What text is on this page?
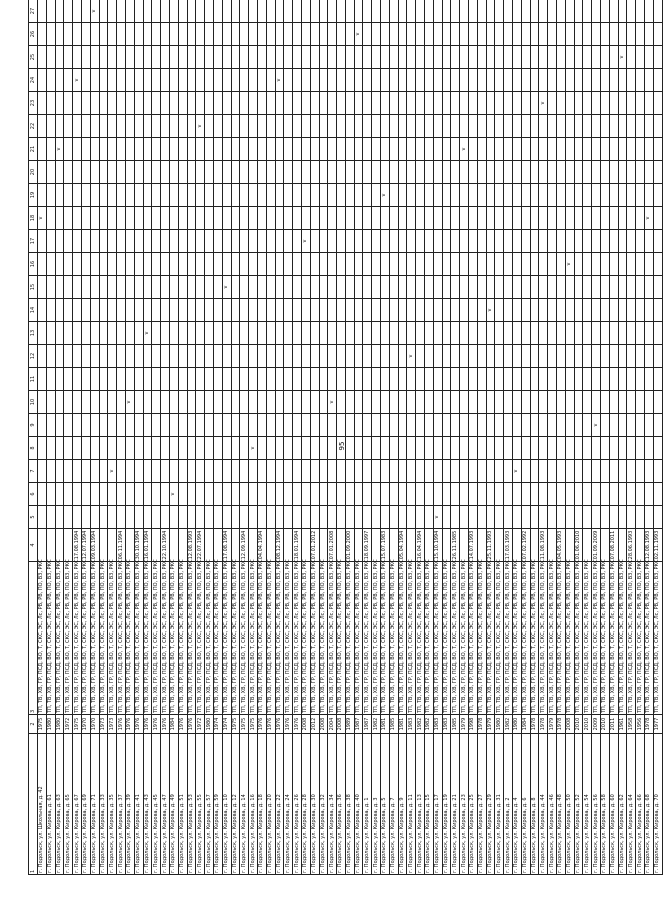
95
1	2	3	4	5	6	7	8	9	10	11	12	13	14	15	16	17	18	19	20	21	22	23	24	25	26	27								
г. Подольск, ул. Школьная, д. 42	1975	ТП, ТВ, ХВ, ГР, ПСД, ВО, Т, СКС, ЭС, Лс, РВ, РВ, ПО, ВЗ, РКС															v																	
г. Подольск, ул. Кирова, д. 61	1980	ТП, ТВ, ХВ, ГР, ПСД, ВО, Т, СКС, ЭС, Лс, РВ, РВ, ПО, ВЗ, РКС																																
г. Подольск, ул. Кирова, д. 63	1980	ТП, ТВ, ХВ, ГР, ПСД, ВО, Т, СКС, ЭС, Лс, РВ, РВ, ПО, ВЗ, РКС																		v														
г. Подольск, ул. Кирова, д. 65	1972	ТП, ТВ, ХВ, ГР, ПСД, ВО, Т, СКС, ЭС, Лс, РВ, РВ, ПО, ВЗ, РКС																																
г. Подольск, ул. Кирова, д. 67	1975	ТП, ТВ, ХВ, ГР, ПСД, ВО, Т, СКС, ЭС, Лс, РВ, РВ, ПО, ВЗ, РКС	17.08.1994																				v											
г. Подольск, ул. Кирова, д. 69	1970	ТП, ТВ, ХВ, ГР, ПСД, ВО, Т, СКС, ЭС, Лс, РВ, РВ, ПО, ВЗ, РКС	12.07.1994																															
г. Подольск, ул. Кирова, д. 71	1970	ТП, ТВ, ХВ, ГР, ПСД, ВО, Т, СКС, ЭС, Лс, РВ, РВ, ПО, ВЗ, РКС	09.03.1994																							v								
г. Подольск, ул. Кирова, д. 33	1973	ТП, ТВ, ХВ, ГР, ПСД, ВО, Т, СКС, ЭС, Лс, РВ, РВ, ПО, ВЗ, РКС																																
г. Подольск, ул. Кирова, д. 35	1973	ТП, ТВ, ХВ, ГР, ПСД, ВО, Т, СКС, ЭС, Лс, РВ, РВ, ПО, ВЗ, РКС				v																												
г. Подольск, ул. Кирова, д. 37	1976	ТП, ТВ, ХВ, ГР, ПСД, ВО, Т, СКС, ЭС, Лс, РВ, РВ, ПО, ВЗ, РКС	06.11.1994																															
г. Подольск, ул. Кирова, д. 39	1976	ТП, ТВ, ХВ, ГР, ПСД, ВО, Т, СКС, ЭС, Лс, РВ, РВ, ПО, ВЗ, РКС							v																									
г. Подольск, ул. Кирова, д. 41	1976	ТП, ТВ, ХВ, ГР, ПСД, ВО, Т, СКС, ЭС, Лс, РВ, РВ, ПО, ВЗ, РКС	30.10.1994																															
г. Подольск, ул. Кирова, д. 43	1976	ТП, ТВ, ХВ, ГР, ПСД, ВО, Т, СКС, ЭС, Лс, РВ, РВ, ПО, ВЗ, РКС	16.01.1994									v																						
г. Подольск, ул. Кирова, д. 45	1976	ТП, ТВ, ХВ, ГР, ПСД, ВО, Т, СКС, ЭС, Лс, РВ, РВ, ПО, ВЗ, РКС																																
г. Подольск, ул. Кирова, д. 47	1976	ТП, ТВ, ХВ, ГР, ПСД, ВО, Т, СКС, ЭС, Лс, РВ, РВ, ПО, ВЗ, РКС	22.10.1994																															
г. Подольск, ул. Кирова, д. 49	1984	ТП, ТВ, ХВ, ГР, ПСД, ВО, Т, СКС, ЭС, Лс, РВ, РВ, ПО, ВЗ, РКС			v																													
г. Подольск, ул. Кирова, д. 51	1976	ТП, ТВ, ХВ, ГР, ПСД, ВО, Т, СКС, ЭС, Лс, РВ, РВ, ПО, ВЗ, РКС																																
г. Подольск, ул. Кирова, д. 53	1976	ТП, ТВ, ХВ, ГР, ПСД, ВО, Т, СКС, ЭС, Лс, РВ, РВ, ПО, ВЗ, РКС	12.08.1993																															
г. Подольск, ул. Кирова, д. 55	1972	ТП, ТВ, ХВ, ГР, ПСД, ВО, Т, СКС, ЭС, Лс, РВ, РВ, ПО, ВЗ, РКС	22.07.1994																		v													
г. Подольск, ул. Кирова, д. 57	1980	ТП, ТВ, ХВ, ГР, ПСД, ВО, Т, СКС, ЭС, Лс, РВ, РВ, ПО, ВЗ, РКС																																
г. Подольск, ул. Кирова, д. 59	1974	ТП, ТВ, ХВ, ГР, ПСД, ВО, Т, СКС, ЭС, Лс, РВ, РВ, ПО, ВЗ, РКС																																
г. Подольск, ул. Кирова, д. 10	1974	ТП, ТВ, ХВ, ГР, ПСД, ВО, Т, СКС, ЭС, Лс, РВ, РВ, ПО, ВЗ, РКС	17.08.1994											v																				
г. Подольск, ул. Кирова, д. 12	1975	ТП, ТВ, ХВ, ГР, ПСД, ВО, Т, СКС, ЭС, Лс, РВ, РВ, ПО, ВЗ, РКС																																
г. Подольск, ул. Кирова, д. 14	1975	ТП, ТВ, ХВ, ГР, ПСД, ВО, Т, СКС, ЭС, Лс, РВ, РВ, ПО, ВЗ, РКС	12.09.1994																															
г. Подольск, ул. Кирова, д. 16	1975	ТП, ТВ, ХВ, ГР, ПСД, ВО, Т, СКС, ЭС, Лс, РВ, РВ, ПО, ВЗ, РКС					v																											
г. Подольск, ул. Кирова, д. 18	1976	ТП, ТВ, ХВ, ГР, ПСД, ВО, Т, СКС, ЭС, Лс, РВ, РВ, ПО, ВЗ, РКС	04.04.1994																															
г. Подольск, ул. Кирова, д. 20	1976	ТП, ТВ, ХВ, ГР, ПСД, ВО, Т, СКС, ЭС, Лс, РВ, РВ, ПО, ВЗ, РКС																																
г. Подольск, ул. Кирова, д. 22	1976	ТП, ТВ, ХВ, ГР, ПСД, ВО, Т, СКС, ЭС, Лс, РВ, РВ, ПО, ВЗ, РКС	08.12.1994																				v											
г. Подольск, ул. Кирова, д. 24	1976	ТП, ТВ, ХВ, ГР, ПСД, ВО, Т, СКС, ЭС, Лс, РВ, РВ, ПО, ВЗ, РКС																																
г. Подольск, ул. Кирова, д. 26	1976	ТП, ТВ, ХВ, ГР, ПСД, ВО, Т, СКС, ЭС, Лс, РВ, РВ, ПО, ВЗ, РКС	18.01.1994																															
г. Подольск, ул. Кирова, д. 28	2008	ТП, ТВ, ХВ, ГР, ПСД, ВО, Т, СКС, ЭС, Лс, РВ, РВ, ПО, ВЗ, РКС														v																		
г. Подольск, ул. Кирова, д. 30	2012	ТП, ТВ, ХВ, ГР, ПСД, ВО, Т, СКС, ЭС, Лс, РВ, РВ, ПО, ВЗ, РКС	07.01.2012																															
г. Подольск, ул. Кирова, д. 32	2008	ТП, ТВ, ХВ, ГР, ПСД, ВО, Т, СКС, ЭС, Лс, РВ, РВ, ПО, ВЗ, РКС																																
г. Подольск, ул. Кирова, д. 34	2004	ТП, ТВ, ХВ, ГР, ПСД, ВО, Т, СКС, ЭС, Лс, РВ, РВ, ПО, ВЗ, РКС	07.01.2008						v																									
г. Подольск, ул. Кирова, д. 36	2008	ТП, ТВ, ХВ, ГР, ПСД, ВО, Т, СКС, ЭС, Лс, РВ, РВ, ПО, ВЗ, РКС																																
г. Подольск, ул. Кирова, д. 38	1989	ТП, ТВ, ХВ, ГР, ПСД, ВО, Т, СКС, ЭС, Лс, РВ, РВ, ПО, ВЗ, РКС	01.09.2000																															
г. Подольск, ул. Кирова, д. 40	1987	ТП, ТВ, ХВ, ГР, ПСД, ВО, Т, СКС, ЭС, Лс, РВ, РВ, ПО, ВЗ, РКС																							v									
г. Подольск, ул. Кирова, д. 1	1987	ТП, ТВ, ХВ, ГР, ПСД, ВО, Т, СКС, ЭС, Лс, РВ, РВ, ПО, ВЗ, РКС	18.09.1997																															
г. Подольск, ул. Кирова, д. 3	1982	ТП, ТВ, ХВ, ГР, ПСД, ВО, Т, СКС, ЭС, Лс, РВ, РВ, ПО, ВЗ, РКС																																
г. Подольск, ул. Кирова, д. 5	1981	ТП, ТВ, ХВ, ГР, ПСД, ВО, Т, СКС, ЭС, Лс, РВ, РВ, ПО, ВЗ, РКС	15.07.1983															v																
г. Подольск, ул. Кирова, д. 7	1985	ТП, ТВ, ХВ, ГР, ПСД, ВО, Т, СКС, ЭС, Лс, РВ, РВ, ПО, ВЗ, РКС																																
г. Подольск, ул. Кирова, д. 9	1981	ТП, ТВ, ХВ, ГР, ПСД, ВО, Т, СКС, ЭС, Лс, РВ, РВ, ПО, ВЗ, РКС	05.04.1994																															
г. Подольск, ул. Кирова, д. 11	1983	ТП, ТВ, ХВ, ГР, ПСД, ВО, Т, СКС, ЭС, Лс, РВ, РВ, ПО, ВЗ, РКС									v																							
г. Подольск, ул. Кирова, д. 13	1982	ТП, ТВ, ХВ, ГР, ПСД, ВО, Т, СКС, ЭС, Лс, РВ, РВ, ПО, ВЗ, РКС	16.04.1994																															
г. Подольск, ул. Кирова, д. 15	1982	ТП, ТВ, ХВ, ГР, ПСД, ВО, Т, СКС, ЭС, Лс, РВ, РВ, ПО, ВЗ, РКС																																
г. Подольск, ул. Кирова, д. 17	1983	ТП, ТВ, ХВ, ГР, ПСД, ВО, Т, СКС, ЭС, Лс, РВ, РВ, ПО, ВЗ, РКС	15.10.1994	v																														
г. Подольск, ул. Кирова, д. 19	1983	ТП, ТВ, ХВ, ГР, ПСД, ВО, Т, СКС, ЭС, Лс, РВ, РВ, ПО, ВЗ, РКС																																
г. Подольск, ул. Кирова, д. 21	1985	ТП, ТВ, ХВ, ГР, ПСД, ВО, Т, СКС, ЭС, Лс, РВ, РВ, ПО, ВЗ, РКС	26.11.1985																															
г. Подольск, ул. Кирова, д. 23	1979	ТП, ТВ, ХВ, ГР, ПСД, ВО, Т, СКС, ЭС, Лс, РВ, РВ, ПО, ВЗ, РКС																		v														
г. Подольск, ул. Кирова, д. 25	1998	ТП, ТВ, ХВ, ГР, ПСД, ВО, Т, СКС, ЭС, Лс, РВ, РВ, ПО, ВЗ, РКС	14.07.1993																															
г. Подольск, ул. Кирова, д. 27	1978	ТП, ТВ, ХВ, ГР, ПСД, ВО, Т, СКС, ЭС, Лс, РВ, РВ, ПО, ВЗ, РКС																																
г. Подольск, ул. Кирова, д. 29	1979	ТП, ТВ, ХВ, ГР, ПСД, ВО, Т, СКС, ЭС, Лс, РВ, РВ, ПО, ВЗ, РКС	25.11.1993										v																					
г. Подольск, ул. Кирова, д. 31	1980	ТП, ТВ, ХВ, ГР, ПСД, ВО, Т, СКС, ЭС, Лс, РВ, РВ, ПО, ВЗ, РКС																																
г. Подольск, ул. Кирова, д. 2	1982	ТП, ТВ, ХВ, ГР, ПСД, ВО, Т, СКС, ЭС, Лс, РВ, РВ, ПО, ВЗ, РКС	17.03.1993																															
г. Подольск, ул. Кирова, д. 4	1980	ТП, ТВ, ХВ, ГР, ПСД, ВО, Т, СКС, ЭС, Лс, РВ, РВ, ПО, ВЗ, РКС				v																												
г. Подольск, ул. Кирова, д. 6	1984	ТП, ТВ, ХВ, ГР, ПСД, ВО, Т, СКС, ЭС, Лс, РВ, РВ, ПО, ВЗ, РКС	07.02.1992																															
г. Подольск, ул. Кирова, д. 8	1978	ТП, ТВ, ХВ, ГР, ПСД, ВО, Т, СКС, ЭС, Лс, РВ, РВ, ПО, ВЗ, РКС																																
г. Подольск, ул. Кирова, д. 44	1978	ТП, ТВ, ХВ, ГР, ПСД, ВО, Т, СКС, ЭС, Лс, РВ, РВ, ПО, ВЗ, РКС	11.08.1993																			v												
г. Подольск, ул. Кирова, д. 46	1979	ТП, ТВ, ХВ, ГР, ПСД, ВО, Т, СКС, ЭС, Лс, РВ, РВ, ПО, ВЗ, РКС																																
г. Подольск, ул. Кирова, д. 48	1978	ТП, ТВ, ХВ, ГР, ПСД, ВО, Т, СКС, ЭС, Лс, РВ, РВ, ПО, ВЗ, РКС	04.05.1993																															
г. Подольск, ул. Кирова, д. 50	2008	ТП, ТВ, ХВ, ГР, ПСД, ВО, Т, СКС, ЭС, Лс, РВ, РВ, ПО, ВЗ, РКС													v																			
г. Подольск, ул. Кирова, д. 52	2010	ТП, ТВ, ХВ, ГР, ПСД, ВО, Т, СКС, ЭС, Лс, РВ, РВ, ПО, ВЗ, РКС	01.06.2010																															
г. Подольск, ул. Кирова, д. 54	2010	ТП, ТВ, ХВ, ГР, ПСД, ВО, Т, СКС, ЭС, Лс, РВ, РВ, ПО, ВЗ, РКС																																
г. Подольск, ул. Кирова, д. 56	2009	ТП, ТВ, ХВ, ГР, ПСД, ВО, Т, СКС, ЭС, Лс, РВ, РВ, ПО, ВЗ, РКС	01.09.2009					v																										
г. Подольск, ул. Кирова, д. 58	2010	ТП, ТВ, ХВ, ГР, ПСД, ВО, Т, СКС, ЭС, Лс, РВ, РВ, ПО, ВЗ, РКС																																
г. Подольск, ул. Кирова, д. 60	2011	ТП, ТВ, ХВ, ГР, ПСД, ВО, Т, СКС, ЭС, Лс, РВ, РВ, ПО, ВЗ, РКС	07.08.2011																															
г. Подольск, ул. Кирова, д. 62	1961	ТП, ТВ, ХВ, ГР, ПСД, ВО, Т, СКС, ЭС, Лс, РВ, РВ, ПО, ВЗ, РКС																						v										
г. Подольск, ул. Кирова, д. 64	1958	ТП, ТВ, ХВ, ГР, ПСД, ВО, Т, СКС, ЭС, Лс, РВ, РВ, ПО, ВЗ, РКС	28.06.1993																															
г. Подольск, ул. Кирова, д. 66	1956	ТП, ТВ, ХВ, ГР, ПСД, ВО, Т, СКС, ЭС, Лс, РВ, РВ, ПО, ВЗ, РКС																																
г. Подольск, ул. Кирова, д. 68	1978	ТП, ТВ, ХВ, ГР, ПСД, ВО, Т, СКС, ЭС, Лс, РВ, РВ, ПО, ВЗ, РКС	12.08.1993														v																	
г. Подольск, ул. Кирова, д. 70	1977	ТП, ТВ, ХВ, ГР, ПСД, ВО, Т, СКС, ЭС, Лс, РВ, РВ, ПО, ВЗ, РКС	02.11.1993																															
